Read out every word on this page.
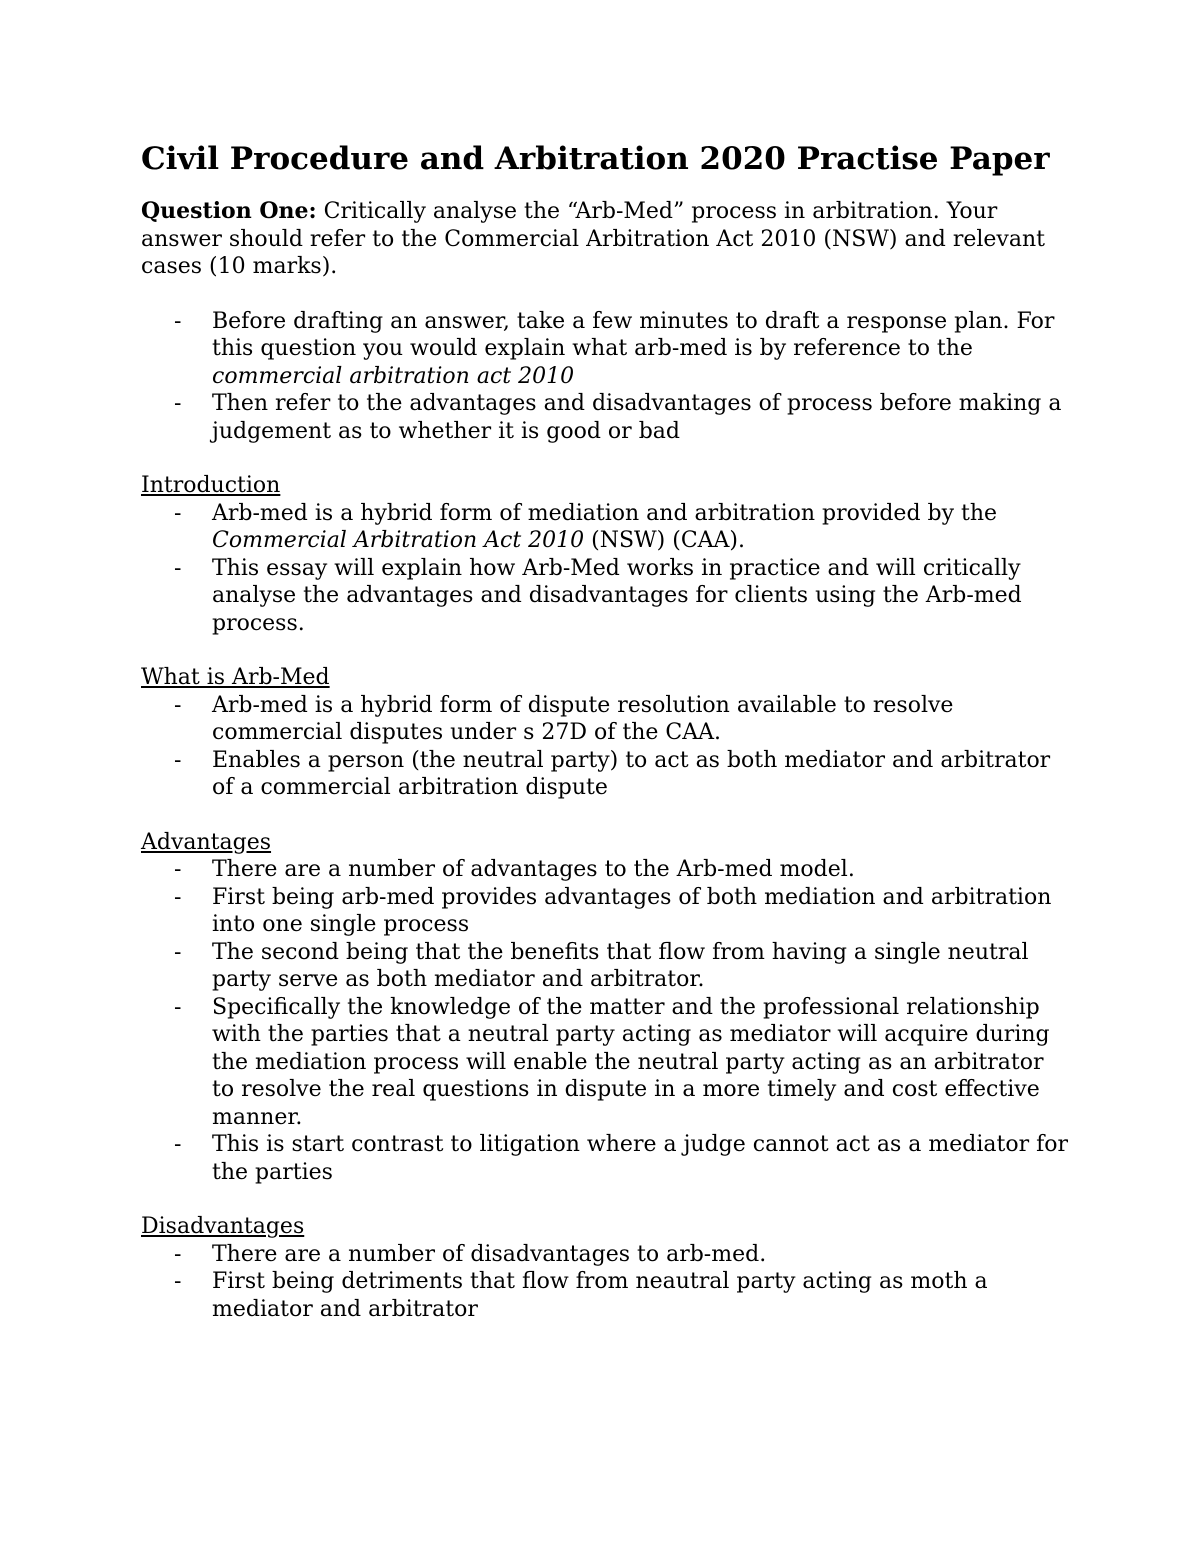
Civil Procedure and Arbitration 2020 Practise Paper

Question One: Critically analyse the “Arb-Med” process in arbitration. Your answer should refer to the Commercial Arbitration Act 2010 (NSW) and relevant cases (10 marks).

- Before drafting an answer, take a few minutes to draft a response plan. For this question you would explain what arb-med is by reference to the commercial arbitration act 2010
- Then refer to the advantages and disadvantages of process before making a judgement as to whether it is good or bad

Introduction

- Arb-med is a hybrid form of mediation and arbitration provided by the Commercial Arbitration Act 2010 (NSW) (CAA).
- This essay will explain how Arb-Med works in practice and will critically analyse the advantages and disadvantages for clients using the Arb-med process.

What is Arb-Med

- Arb-med is a hybrid form of dispute resolution available to resolve commercial disputes under s 27D of the CAA.
- Enables a person (the neutral party) to act as both mediator and arbitrator of a commercial arbitration dispute

Advantages

- There are a number of advantages to the Arb-med model.
- First being arb-med provides advantages of both mediation and arbitration into one single process
- The second being that the benefits that flow from having a single neutral party serve as both mediator and arbitrator.
- Specifically the knowledge of the matter and the professional relationship with the parties that a neutral party acting as mediator will acquire during the mediation process will enable the neutral party acting as an arbitrator to resolve the real questions in dispute in a more timely and cost effective manner.
- This is start contrast to litigation where a judge cannot act as a mediator for the parties

Disadvantages

- There are a number of disadvantages to arb-med.
- First being detriments that flow from neautral party acting as moth a mediator and arbitrator
